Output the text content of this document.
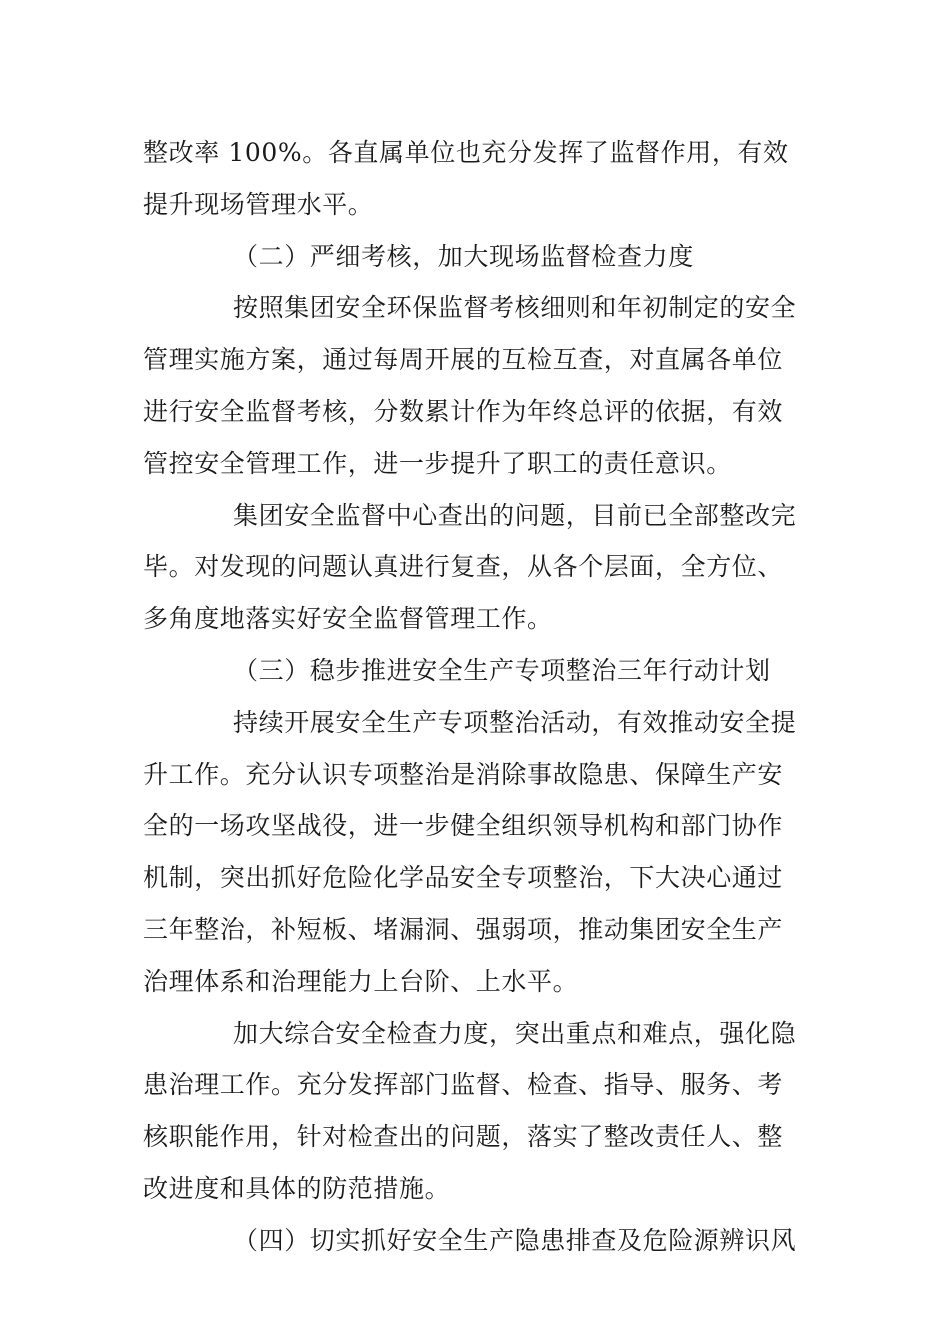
整改率 100%。各直属单位也充分发挥了监督作用，有效
提升现场管理水平。
（二）严细考核，加大现场监督检查力度
按照集团安全环保监督考核细则和年初制定的安全
管理实施方案，通过每周开展的互检互查，对直属各单位
进行安全监督考核，分数累计作为年终总评的依据，有效
管控安全管理工作，进一步提升了职工的责任意识。
集团安全监督中心查出的问题，目前已全部整改完
毕。对发现的问题认真进行复查，从各个层面，全方位、
多角度地落实好安全监督管理工作。
（三）稳步推进安全生产专项整治三年行动计划
持续开展安全生产专项整治活动，有效推动安全提
升工作。充分认识专项整治是消除事故隐患、保障生产安
全的一场攻坚战役，进一步健全组织领导机构和部门协作
机制，突出抓好危险化学品安全专项整治，下大决心通过
三年整治，补短板、堵漏洞、强弱项，推动集团安全生产
治理体系和治理能力上台阶、上水平。
加大综合安全检查力度，突出重点和难点，强化隐
患治理工作。充分发挥部门监督、检查、指导、服务、考
核职能作用，针对检查出的问题，落实了整改责任人、整
改进度和具体的防范措施。
（四）切实抓好安全生产隐患排查及危险源辨识风
